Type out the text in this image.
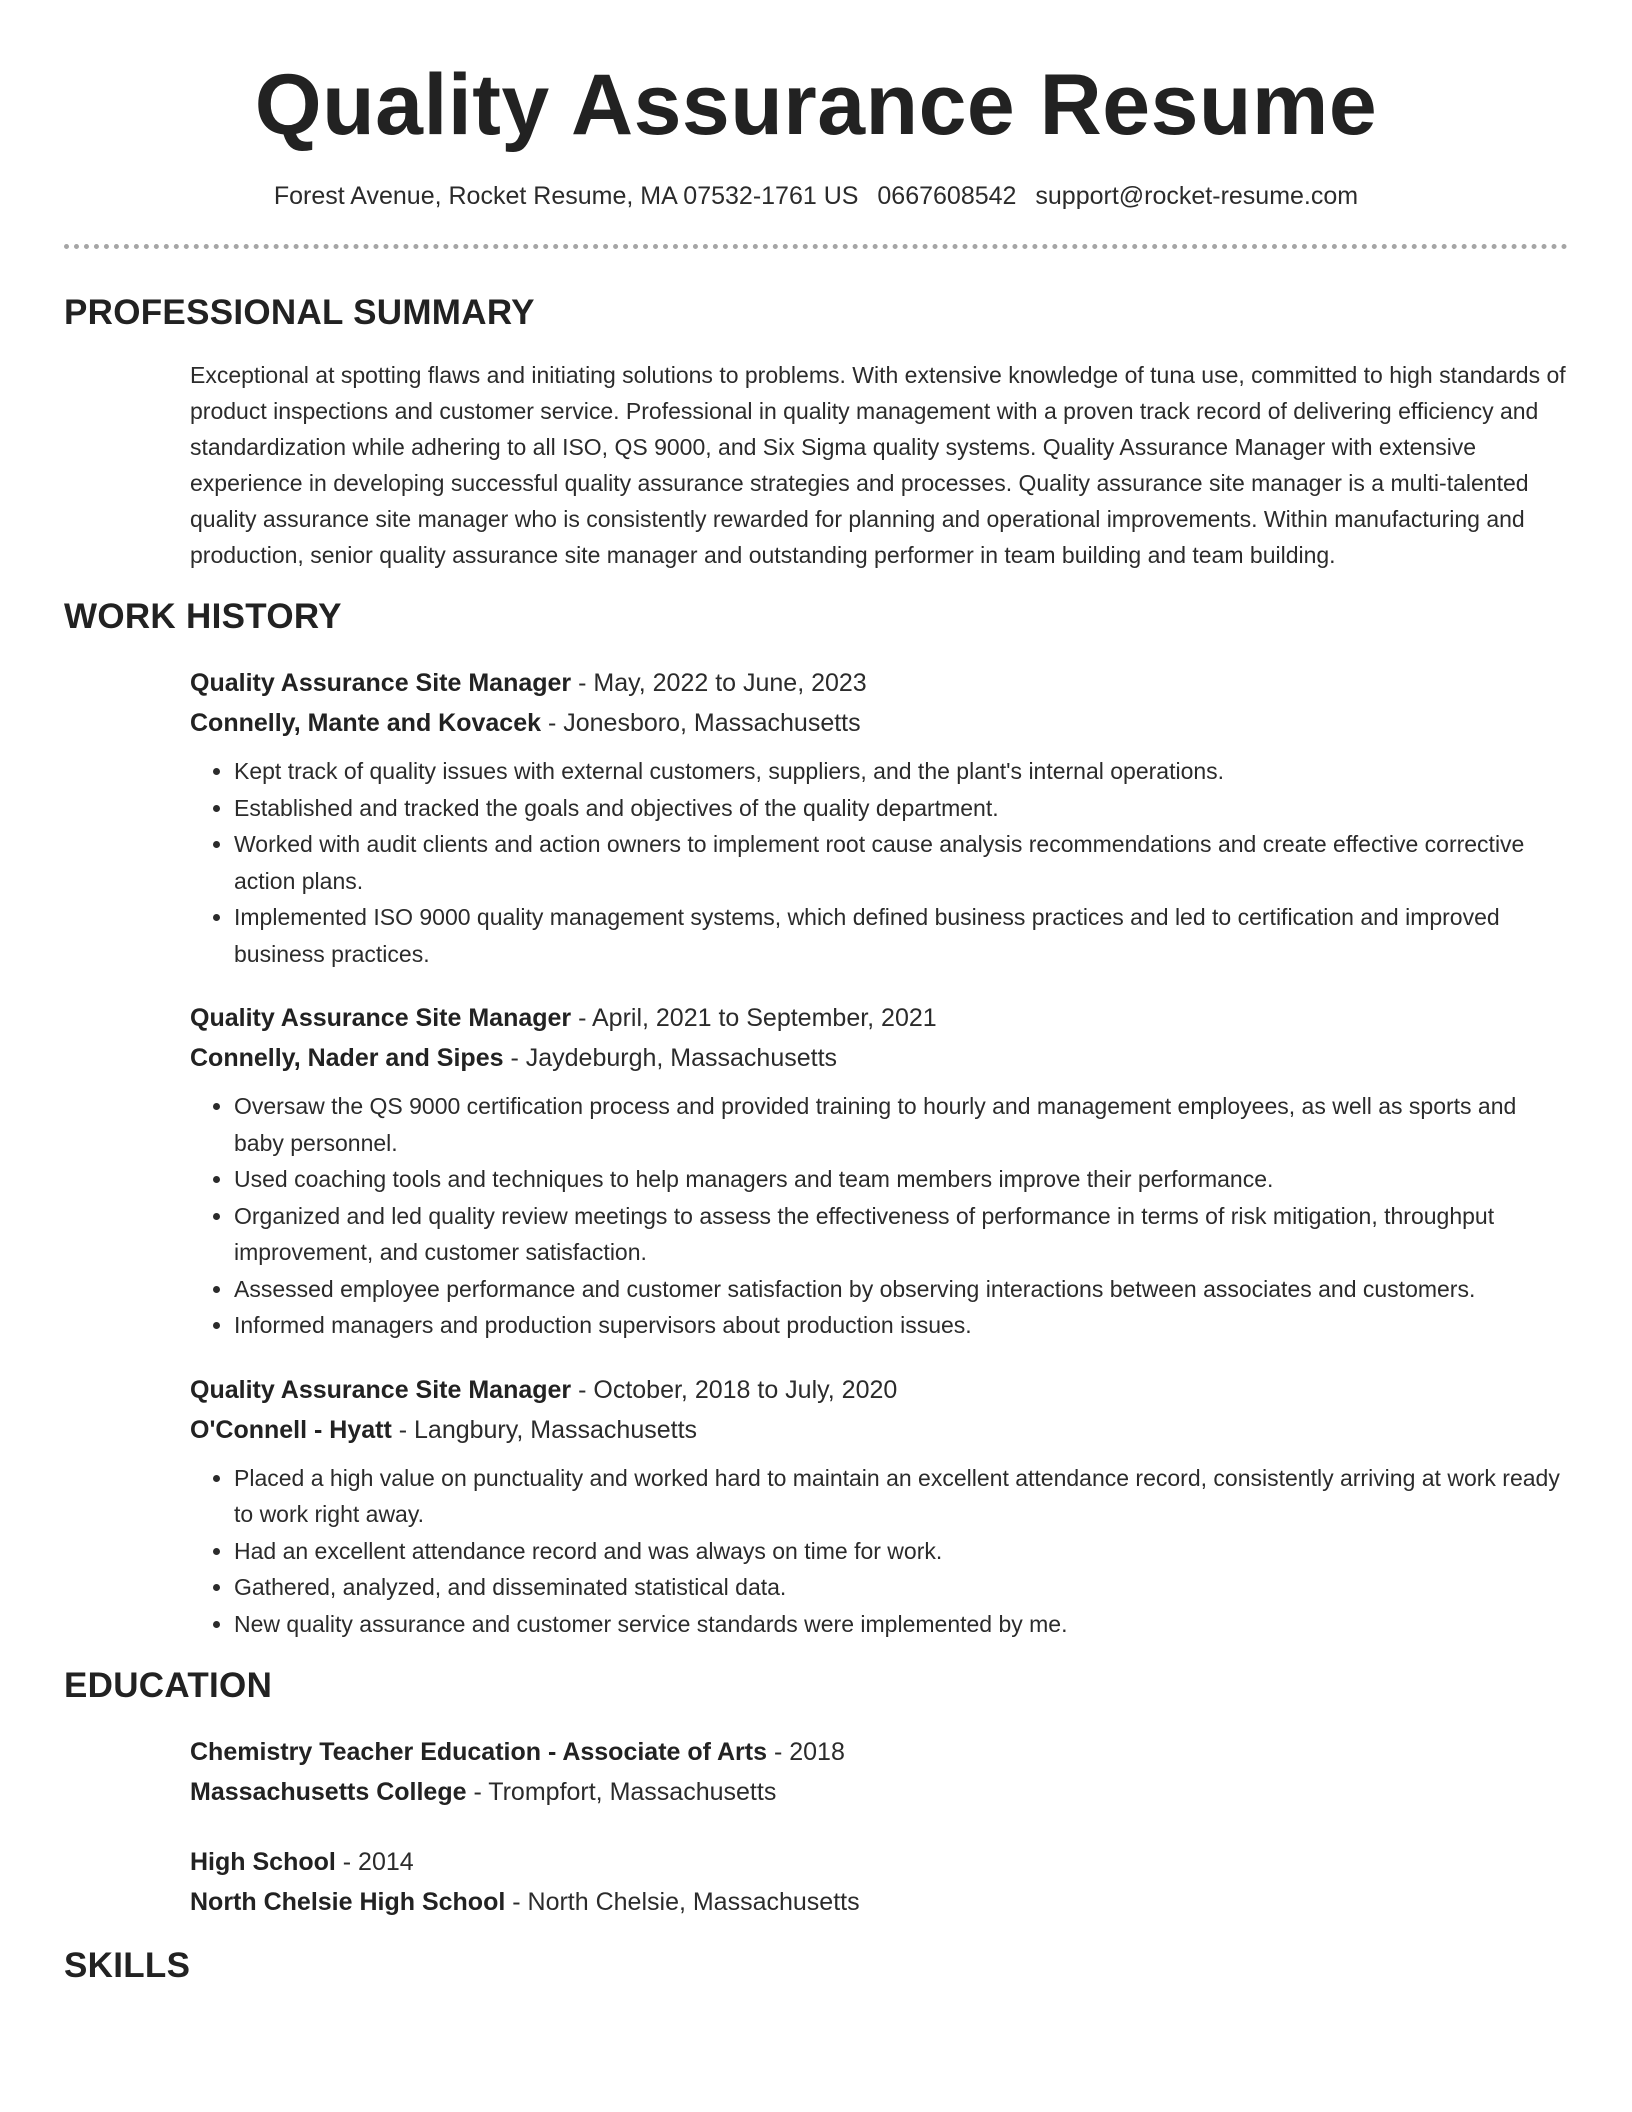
Quality Assurance Resume
Forest Avenue, Rocket Resume, MA 07532-1761 US 0667608542 support@rocket-resume.com
PROFESSIONAL SUMMARY

Exceptional at spotting flaws and initiating solutions to problems. With extensive knowledge of tuna use, committed to high standards of product inspections and customer service. Professional in quality management with a proven track record of delivering efficiency and standardization while adhering to all ISO, QS 9000, and Six Sigma quality systems. Quality Assurance Manager with extensive experience in developing successful quality assurance strategies and processes. Quality assurance site manager is a multi-talented quality assurance site manager who is consistently rewarded for planning and operational improvements. Within manufacturing and production, senior quality assurance site manager and outstanding performer in team building and team building.

WORK HISTORY
Quality Assurance Site Manager - May, 2022 to June, 2023
Connelly, Mante and Kovacek - Jonesboro, Massachusetts
• Kept track of quality issues with external customers, suppliers, and the plant's internal operations.
• Established and tracked the goals and objectives of the quality department.
• Worked with audit clients and action owners to implement root cause analysis recommendations and create effective corrective action plans.
• Implemented ISO 9000 quality management systems, which defined business practices and led to certification and improved business practices.
Quality Assurance Site Manager - April, 2021 to September, 2021
Connelly, Nader and Sipes - Jaydeburgh, Massachusetts
• Oversaw the QS 9000 certification process and provided training to hourly and management employees, as well as sports and baby personnel.
• Used coaching tools and techniques to help managers and team members improve their performance.
• Organized and led quality review meetings to assess the effectiveness of performance in terms of risk mitigation, throughput improvement, and customer satisfaction.
• Assessed employee performance and customer satisfaction by observing interactions between associates and customers.
• Informed managers and production supervisors about production issues.
Quality Assurance Site Manager - October, 2018 to July, 2020
O'Connell - Hyatt - Langbury, Massachusetts
• Placed a high value on punctuality and worked hard to maintain an excellent attendance record, consistently arriving at work ready to work right away.
• Had an excellent attendance record and was always on time for work.
• Gathered, analyzed, and disseminated statistical data.
• New quality assurance and customer service standards were implemented by me.
EDUCATION
Chemistry Teacher Education - Associate of Arts - 2018
Massachusetts College - Trompfort, Massachusetts
High School - 2014
North Chelsie High School - North Chelsie, Massachusetts
SKILLS
